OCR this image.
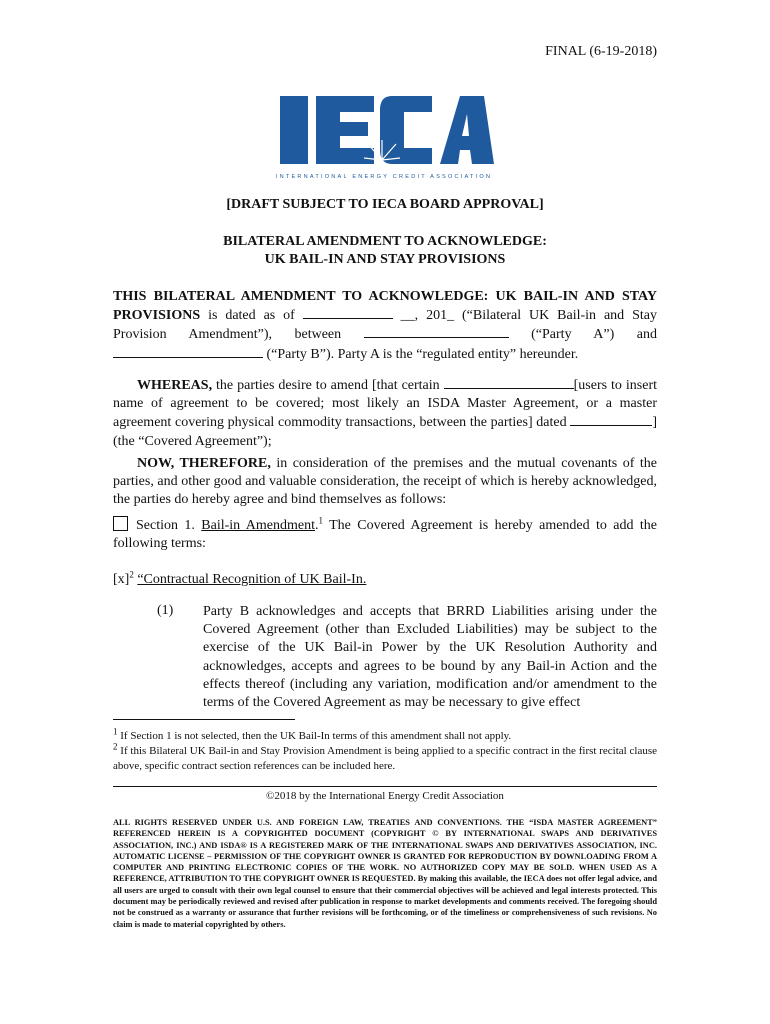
FINAL (6-19-2018)
INTERNATIONAL ENERGY CREDIT ASSOCIATION
[DRAFT SUBJECT TO IECA BOARD APPROVAL]
BILATERAL AMENDMENT TO ACKNOWLEDGE:
UK BAIL-IN AND STAY PROVISIONS
THIS BILATERAL AMENDMENT TO ACKNOWLEDGE: UK BAIL-IN AND STAY PROVISIONS is dated as of	__, 201_ (“Bilateral UK Bail-in and Stay Provision Amendment”), between	(“Party A”) and  (“Party B”). Party A is the “regulated entity” hereunder.
WHEREAS, the parties desire to amend [that certain	[users to insert name of agreement to be covered; most likely an ISDA Master Agreement, or a master agreement covering physical commodity transactions, between the parties] dated	] (the “Covered Agreement”);
NOW, THEREFORE, in consideration of the premises and the mutual covenants of the parties, and other good and valuable consideration, the receipt of which is hereby acknowledged, the parties do hereby agree and bind themselves as follows:
Section 1. Bail-in Amendment.$^1$ The Covered Agreement is hereby amended to add the following terms:
$[x]^2$ “Contractual Recognition of UK Bail-In.
(1) Party B acknowledges and accepts that BRRD Liabilities arising under the Covered Agreement (other than Excluded Liabilities) may be subject to the exercise of the UK Bail-in Power by the UK Resolution Authority and acknowledges, accepts and agrees to be bound by any Bail-in Action and the effects thereof (including any variation, modification and/or amendment to the terms of the Covered Agreement as may be necessary to give effect
$^1$ If Section 1 is not selected, then the UK Bail-In terms of this amendment shall not apply.
$^2$ If this Bilateral UK Bail-in and Stay Provision Amendment is being applied to a specific contract in the first recital clause above, specific contract section references can be included here.
©2018 by the International Energy Credit Association
ALL RIGHTS RESERVED UNDER U.S. AND FOREIGN LAW, TREATIES AND CONVENTIONS. THE “ISDA MASTER AGREEMENT” REFERENCED HEREIN IS A COPYRIGHTED DOCUMENT (COPYRIGHT © BY INTERNATIONAL SWAPS AND DERIVATIVES ASSOCIATION, INC.) AND ISDA® IS A REGISTERED MARK OF THE INTERNATIONAL SWAPS AND DERIVATIVES ASSOCIATION, INC. AUTOMATIC LICENSE – PERMISSION OF THE COPYRIGHT OWNER IS GRANTED FOR REPRODUCTION BY DOWNLOADING FROM A COMPUTER AND PRINTING ELECTRONIC COPIES OF THE WORK. NO AUTHORIZED COPY MAY BE SOLD. WHEN USED AS A REFERENCE, ATTRIBUTION TO THE COPYRIGHT OWNER IS REQUESTED. By making this available, the IECA does not offer legal advice, and all users are urged to consult with their own legal counsel to ensure that their commercial objectives will be achieved and legal interests protected. This document may be periodically reviewed and revised after publication in response to market developments and comments received. The foregoing should not be construed as a warranty or assurance that further revisions will be forthcoming, or of the timeliness or comprehensiveness of such revisions. No claim is made to material copyrighted by others.
